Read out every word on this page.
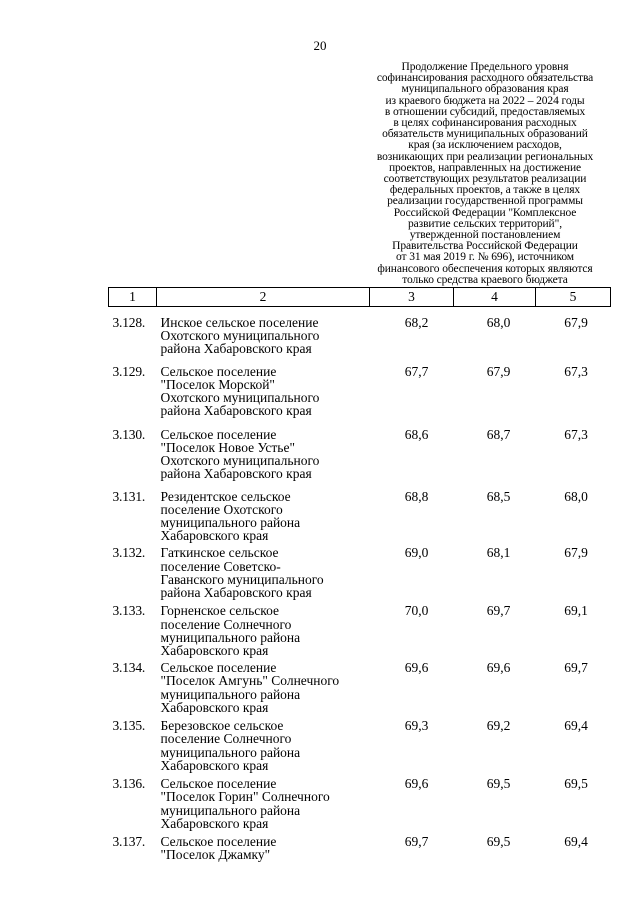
20
Продолжение Предельного уровня
софинансирования расходного обязательства
муниципального образования края
из краевого бюджета на 2022 – 2024 годы
в отношении субсидий, предоставляемых
в целях софинансирования расходных
обязательств муниципальных образований
края (за исключением расходов,
возникающих при реализации региональных
проектов, направленных на достижение
соответствующих результатов реализации
федеральных проектов, а также в целях
реализации государственной программы
Российской Федерации "Комплексное
развитие сельских территорий",
утвержденной постановлением
Правительства Российской Федерации
от 31 мая 2019 г. № 696), источником
финансового обеспечения которых являются
только средства краевого бюджета
1	2	3	4	5
3.128.	Инское сельское поселение
Охотского муниципального
района Хабаровского края	68,2	68,0	67,9
3.129.	Сельское поселение
"Поселок Морской"
Охотского муниципального
района Хабаровского края	67,7	67,9	67,3
3.130.	Сельское поселение
"Поселок Новое Устье"
Охотского муниципального
района Хабаровского края	68,6	68,7	67,3
3.131.	Резидентское сельское
поселение Охотского
муниципального района
Хабаровского края	68,8	68,5	68,0
3.132.	Гаткинское сельское
поселение Советско-
Гаванского муниципального
района Хабаровского края	69,0	68,1	67,9
3.133.	Горненское сельское
поселение Солнечного
муниципального района
Хабаровского края	70,0	69,7	69,1
3.134.	Сельское поселение
"Поселок Амгунь" Солнечного
муниципального района
Хабаровского края	69,6	69,6	69,7
3.135.	Березовское сельское
поселение Солнечного
муниципального района
Хабаровского края	69,3	69,2	69,4
3.136.	Сельское поселение
"Поселок Горин" Солнечного
муниципального района
Хабаровского края	69,6	69,5	69,5
3.137.	Сельское поселение
"Поселок Джамку"	69,7	69,5	69,4
